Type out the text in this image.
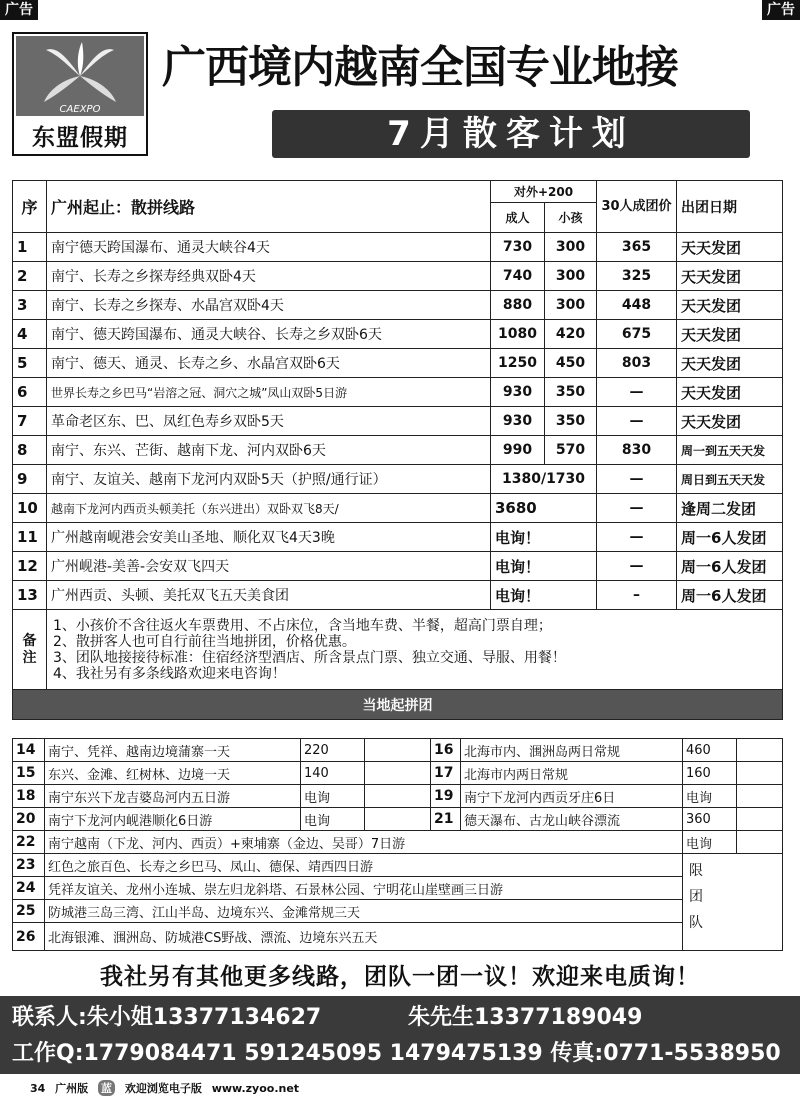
广告	广告
CAEXPO
东盟假期
广西境内越南全国专业地接
7月散客计划
序	广州起止：散拼线路	对外+200		30人成团价	出团日期
		成人	小孩		
1	南宁德天跨国瀑布、通灵大峡谷4天	730	300	365	天天发团
2	南宁、长寿之乡探寿经典双卧4天	740	300	325	天天发团
3	南宁、长寿之乡探寿、水晶宫双卧4天	880	300	448	天天发团
4	南宁、德天跨国瀑布、通灵大峡谷、长寿之乡双卧6天	1080	420	675	天天发团
5	南宁、德天、通灵、长寿之乡、水晶宫双卧6天	1250	450	803	天天发团
6	世界长寿之乡巴马“岩溶之冠、洞穴之城”凤山双卧5日游	930	350	—	天天发团
7	革命老区东、巴、凤红色寿乡双卧5天	930	350	—	天天发团
8	南宁、东兴、芒街、越南下龙、河内双卧6天	990	570	830	周一到五天天发
9	南宁、友谊关、越南下龙河内双卧5天（护照/通行证）	1380/1730		—	周日到五天天发
10	越南下龙河内西贡头顿美托（东兴进出）双卧双飞8天/	3680		—	逢周二发团
11	广州越南岘港会安美山圣地、顺化双飞4天3晚	电询！		—	周一6人发团
12	广州岘港-美善-会安双飞四天	电询！		—	周一6人发团
13	广州西贡、头顿、美托双飞五天美食团	电询！		–	周一6人发团
备注	1、小孩价不含往返火车票费用、不占床位，含当地车费、半餐，超高门票自理；
2、散拼客人也可自行前往当地拼团，价格优惠。
3、团队地接接待标准：住宿经济型酒店、所含景点门票、独立交通、导服、用餐！
4、我社另有多条线路欢迎来电咨询！				

当地起拼团					
14	南宁、凭祥、越南边境蒲寨一天	220		16	北海市内、涠洲岛两日常规	460	
15	东兴、金滩、红树林、边境一天	140		17	北海市内两日常规	160	
18	南宁东兴下龙吉婆岛河内五日游	电询		19	南宁下龙河内西贡牙庄6日	电询	
20	南宁下龙河内岘港顺化6日游	电询		21	德天瀑布、古龙山峡谷漂流	360	
22	南宁越南（下龙、河内、西贡）+柬埔寨（金边、吴哥）7日游					电询	
23	红色之旅百色、长寿之乡巴马、凤山、德保、靖西四日游					限
团
队	

24	凭祥友谊关、龙州小连城、崇左归龙斜塔、石景林公园、宁明花山崖壁画三日游						
25	防城港三岛三湾、江山半岛、边境东兴、金滩常规三天						
26	北海银滩、涠洲岛、防城港CS野战、漂流、边境东兴五天						
我社另有其他更多线路，团队一团一议！欢迎来电质询！
联系人:朱小姐13377134627	朱先生13377189049
工作Q:1779084471 591245095 1479475139 传真:0771-5538950
34 广州版 蓝 欢迎浏览电子版 www.zyoo.net
